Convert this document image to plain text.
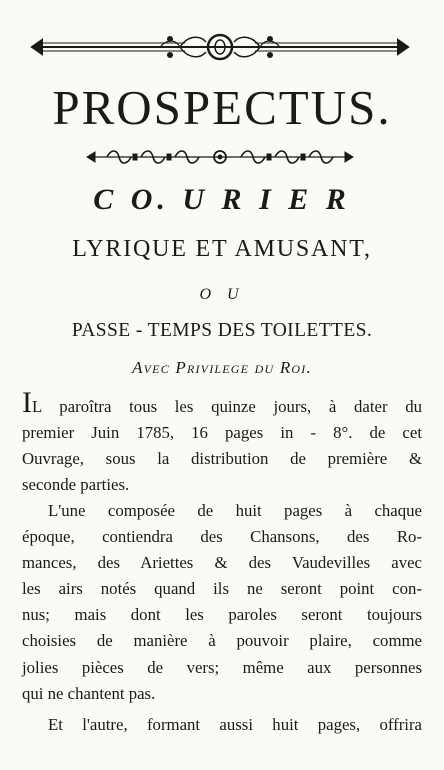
PROSPECTUS.
C O. U R I E R
LYRIQUE ET AMUSANT,
O U
PASSE - TEMPS DES TOILETTES.
Avec Privilege du Roi.
IL paroîtra tous les quinze jours, à dater du
premier Juin 1785, 16 pages in - 8°. de cet
Ouvrage, sous la distribution de première &
seconde parties.
L'une composée de huit pages à chaque
époque, contiendra des Chansons, des Ro-
mances, des Ariettes & des Vaudevilles avec
les airs notés quand ils ne seront point con-
nus; mais dont les paroles seront toujours
choisies de manière à pouvoir plaire, comme
jolies pièces de vers; même aux personnes
qui ne chantent pas.
Et l'autre, formant aussi huit pages, offrira
